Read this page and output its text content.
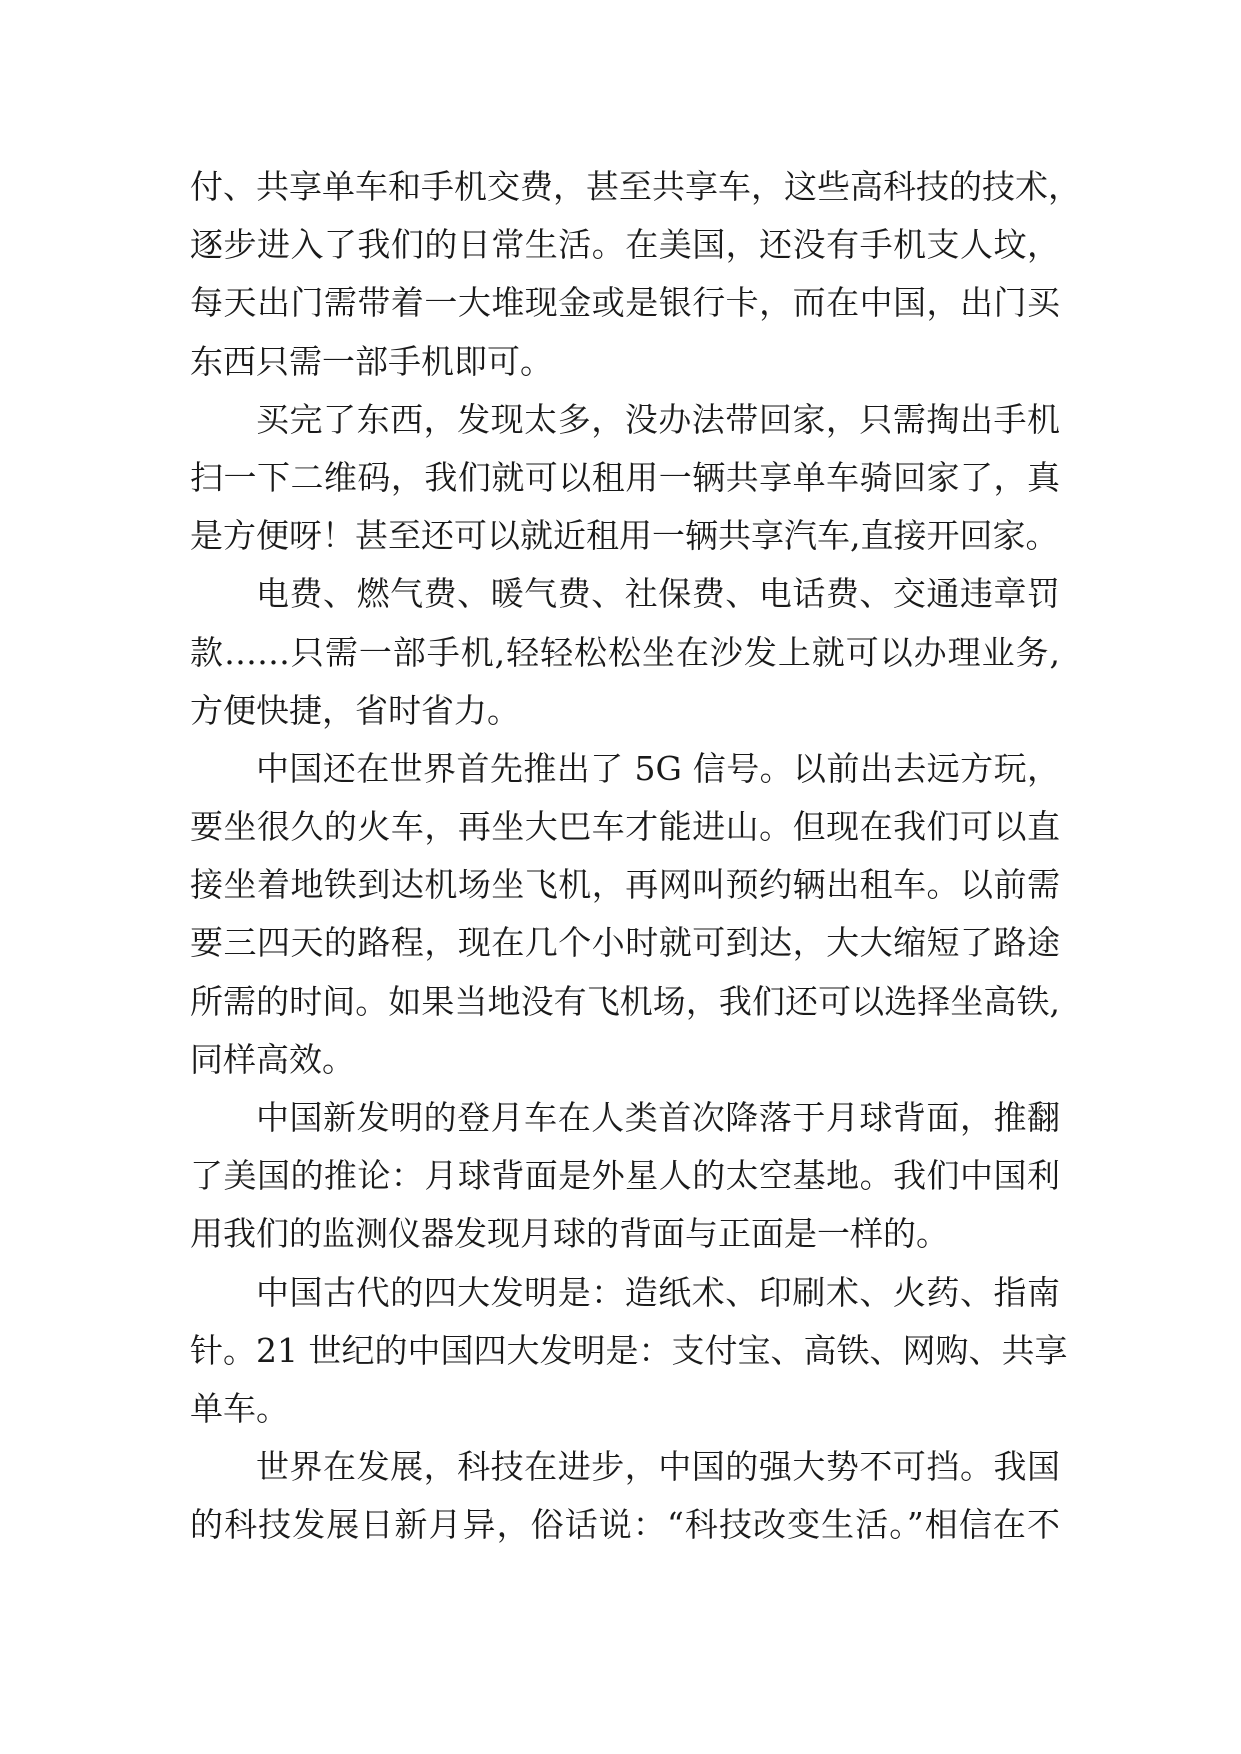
付、共享单车和手机交费，甚至共享车，这些高科技的技术，
逐步进入了我们的日常生活。在美国，还没有手机支人坟，
每天出门需带着一大堆现金或是银行卡，而在中国，出门买
东西只需一部手机即可。
买完了东西，发现太多，没办法带回家，只需掏出手机
扫一下二维码，我们就可以租用一辆共享单车骑回家了，真
是方便呀！甚至还可以就近租用一辆共享汽车,直接开回家。
电费、燃气费、暖气费、社保费、电话费、交通违章罚
款……只需一部手机,轻轻松松坐在沙发上就可以办理业务,
方便快捷，省时省力。
中国还在世界首先推出了 5G 信号。以前出去远方玩，
要坐很久的火车，再坐大巴车才能进山。但现在我们可以直
接坐着地铁到达机场坐飞机，再网叫预约辆出租车。以前需
要三四天的路程，现在几个小时就可到达，大大缩短了路途
所需的时间。如果当地没有飞机场，我们还可以选择坐高铁,
同样高效。
中国新发明的登月车在人类首次降落于月球背面，推翻
了美国的推论：月球背面是外星人的太空基地。我们中国利
用我们的监测仪器发现月球的背面与正面是一样的。
中国古代的四大发明是：造纸术、印刷术、火药、指南
针。21 世纪的中国四大发明是：支付宝、高铁、网购、共享
单车。
世界在发展，科技在进步，中国的强大势不可挡。我国
的科技发展日新月异，俗话说：“科技改变生活。”相信在不
